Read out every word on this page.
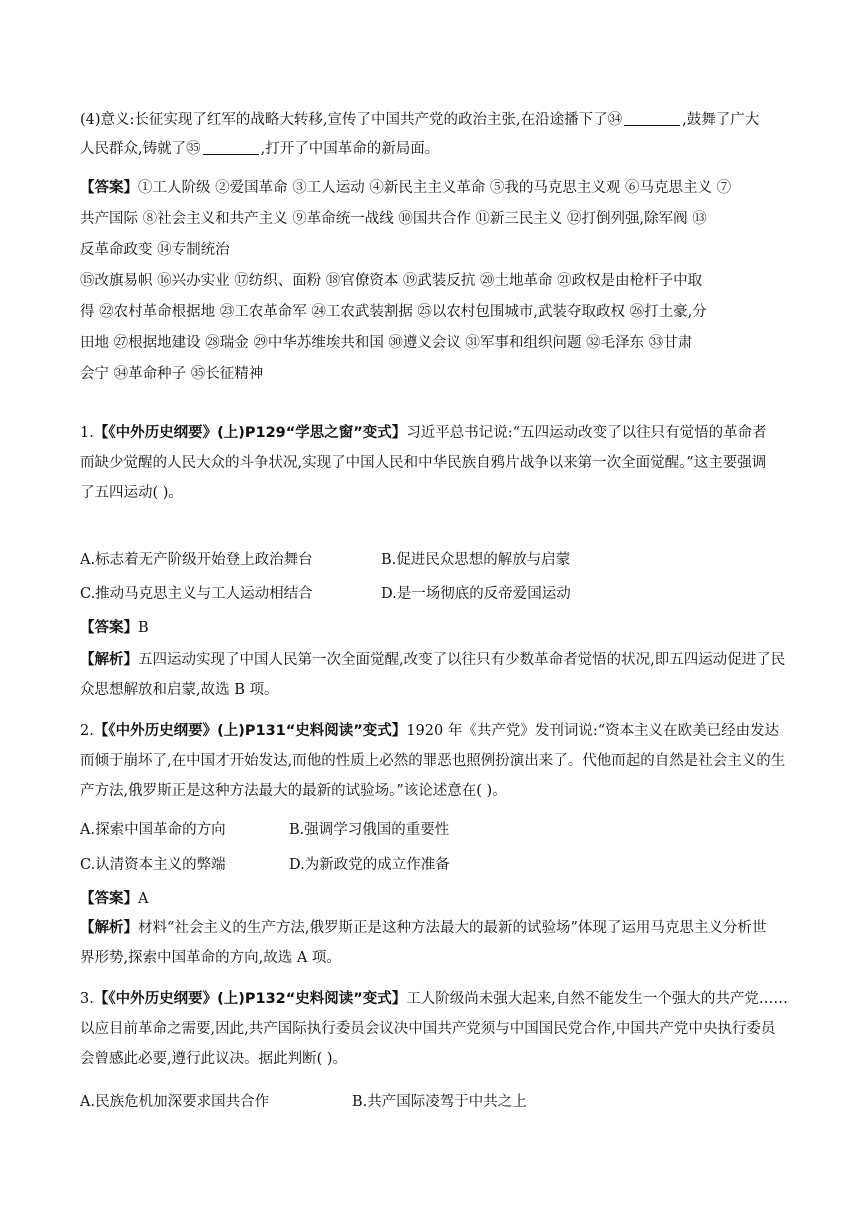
(4)意义:长征实现了红军的战略大转移,宣传了中国共产党的政治主张,在沿途播下了㉞	,鼓舞了广大
人民群众,铸就了㉟	,打开了中国革命的新局面。
【答案】①工人阶级 ②爱国革命 ③工人运动 ④新民主主义革命 ⑤我的马克思主义观 ⑥马克思主义 ⑦
共产国际 ⑧社会主义和共产主义 ⑨革命统一战线 ⑩国共合作 ⑪新三民主义 ⑫打倒列强,除军阀 ⑬
反革命政变 ⑭专制统治
⑮改旗易帜 ⑯兴办实业 ⑰纺织、面粉 ⑱官僚资本 ⑲武装反抗 ⑳土地革命 ㉑政权是由枪杆子中取
得 ㉒农村革命根据地 ㉓工农革命军 ㉔工农武装割据 ㉕以农村包围城市,武装夺取政权 ㉖打土豪,分
田地 ㉗根据地建设 ㉘瑞金 ㉙中华苏维埃共和国 ㉚遵义会议 ㉛军事和组织问题 ㉜毛泽东 ㉝甘肃
会宁 ㉞革命种子 ㉟长征精神
1.【《中外历史纲要》(上)P129“学思之窗”变式】习近平总书记说:“五四运动改变了以往只有觉悟的革命者
而缺少觉醒的人民大众的斗争状况,实现了中国人民和中华民族自鸦片战争以来第一次全面觉醒。”这主要强调
了五四运动( )。
A.标志着无产阶级开始登上政治舞台	B.促进民众思想的解放与启蒙
C.推动马克思主义与工人运动相结合	D.是一场彻底的反帝爱国运动
【答案】B
【解析】五四运动实现了中国人民第一次全面觉醒,改变了以往只有少数革命者觉悟的状况,即五四运动促进了民
众思想解放和启蒙,故选 B 项。
2.【《中外历史纲要》(上)P131“史料阅读”变式】1920 年《共产党》发刊词说:“资本主义在欧美已经由发达
而倾于崩坏了,在中国才开始发达,而他的性质上必然的罪恶也照例扮演出来了。代他而起的自然是社会主义的生
产方法,俄罗斯正是这种方法最大的最新的试验场。”该论述意在( )。
A.探索中国革命的方向	B.强调学习俄国的重要性
C.认清资本主义的弊端	D.为新政党的成立作准备
【答案】A
【解析】材料“社会主义的生产方法,俄罗斯正是这种方法最大的最新的试验场”体现了运用马克思主义分析世
界形势,探索中国革命的方向,故选 A 项。
3.【《中外历史纲要》(上)P132“史料阅读”变式】工人阶级尚未强大起来,自然不能发生一个强大的共产党……
以应目前革命之需要,因此,共产国际执行委员会议决中国共产党须与中国国民党合作,中国共产党中央执行委员
会曾感此必要,遵行此议决。据此判断( )。
A.民族危机加深要求国共合作	B.共产国际凌驾于中共之上
